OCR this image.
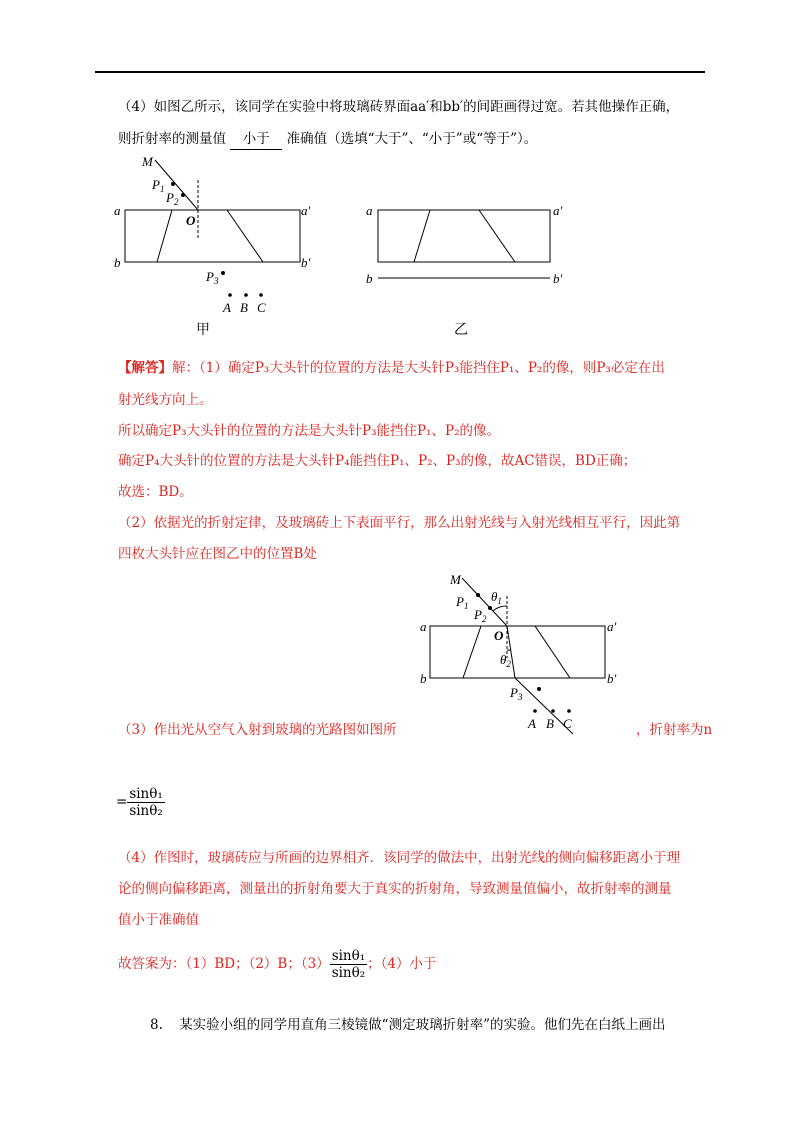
（4）如图乙所示，该同学在实验中将玻璃砖界面aa′和bb′的间距画得过宽。若其他操作正确，
则折射率的测量值 小于 准确值（选填“大于”、“小于”或“等于”）。
M
$P_1$
$P_2$
O
a	a′
b	b′
$P_3$
A B C
甲
a	a′
b	b′
乙
【解答】解：（1）确定P₃大头针的位置的方法是大头针P₃能挡住P₁、P₂的像，则P₃必定在出
射光线方向上。
所以确定P₃大头针的位置的方法是大头针P₃能挡住P₁、P₂的像。
确定P₄大头针的位置的方法是大头针P₄能挡住P₁、P₂、P₃的像，故AC错误，BD正确；
故选：BD。
（2）依据光的折射定律，及玻璃砖上下表面平行，那么出射光线与入射光线相互平行，因此第
四枚大头针应在图乙中的位置B处
M
$P_1$
$P_2$
$\theta_1$
O
$\theta_2$
a	a′
b	b′
$P_3$
A B C
（3）作出光从空气入射到玻璃的光路图如图所	，折射率为n
= $\frac{\text{sinθ₁}}{\text{sinθ₂}}$
（4）作图时，玻璃砖应与所画的边界相齐．该同学的做法中，出射光线的侧向偏移距离小于理
论的侧向偏移距离，测量出的折射角要大于真实的折射角，导致测量值偏小，故折射率的测量
值小于准确值
故答案为：（1）BD；（2）B；$(3) \frac{\text{sinθ₁}}{\text{sinθ₂}}$ ；（4）小于
8. 某实验小组的同学用直角三棱镜做“测定玻璃折射率”的实验。他们先在白纸上画出
